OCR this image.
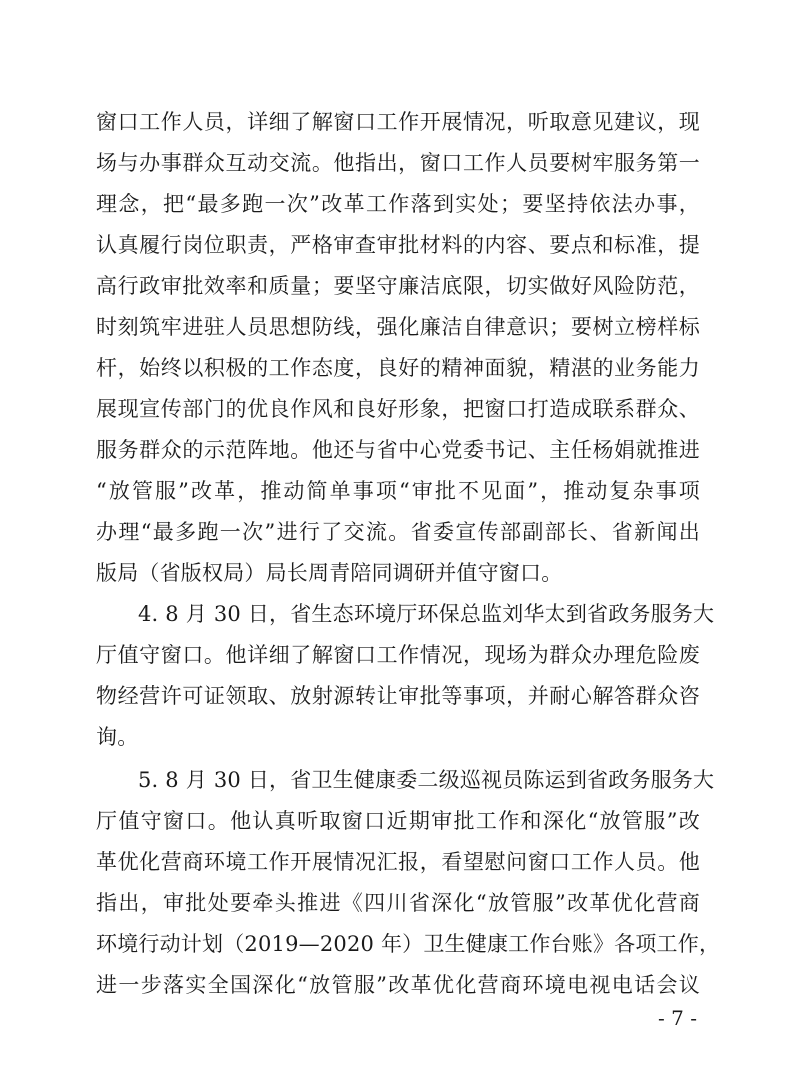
窗口工作人员，详细了解窗口工作开展情况，听取意见建议，现
场与办事群众互动交流。他指出，窗口工作人员要树牢服务第一
理念，把“最多跑一次”改革工作落到实处；要坚持依法办事，
认真履行岗位职责，严格审查审批材料的内容、要点和标准，提
高行政审批效率和质量；要坚守廉洁底限，切实做好风险防范，
时刻筑牢进驻人员思想防线，强化廉洁自律意识；要树立榜样标
杆，始终以积极的工作态度，良好的精神面貌，精湛的业务能力
展现宣传部门的优良作风和良好形象，把窗口打造成联系群众、
服务群众的示范阵地。他还与省中心党委书记、主任杨娟就推进
“放管服”改革，推动简单事项“审批不见面”，推动复杂事项
办理“最多跑一次”进行了交流。省委宣传部副部长、省新闻出
版局（省版权局）局长周青陪同调研并值守窗口。
4. 8 月 30 日，省生态环境厅环保总监刘华太到省政务服务大
厅值守窗口。他详细了解窗口工作情况，现场为群众办理危险废
物经营许可证领取、放射源转让审批等事项，并耐心解答群众咨
询。
5. 8 月 30 日，省卫生健康委二级巡视员陈运到省政务服务大
厅值守窗口。他认真听取窗口近期审批工作和深化“放管服”改
革优化营商环境工作开展情况汇报，看望慰问窗口工作人员。他
指出，审批处要牵头推进《四川省深化“放管服”改革优化营商
环境行动计划（2019—2020 年）卫生健康工作台账》各项工作，
进一步落实全国深化“放管服”改革优化营商环境电视电话会议
- 7 -
